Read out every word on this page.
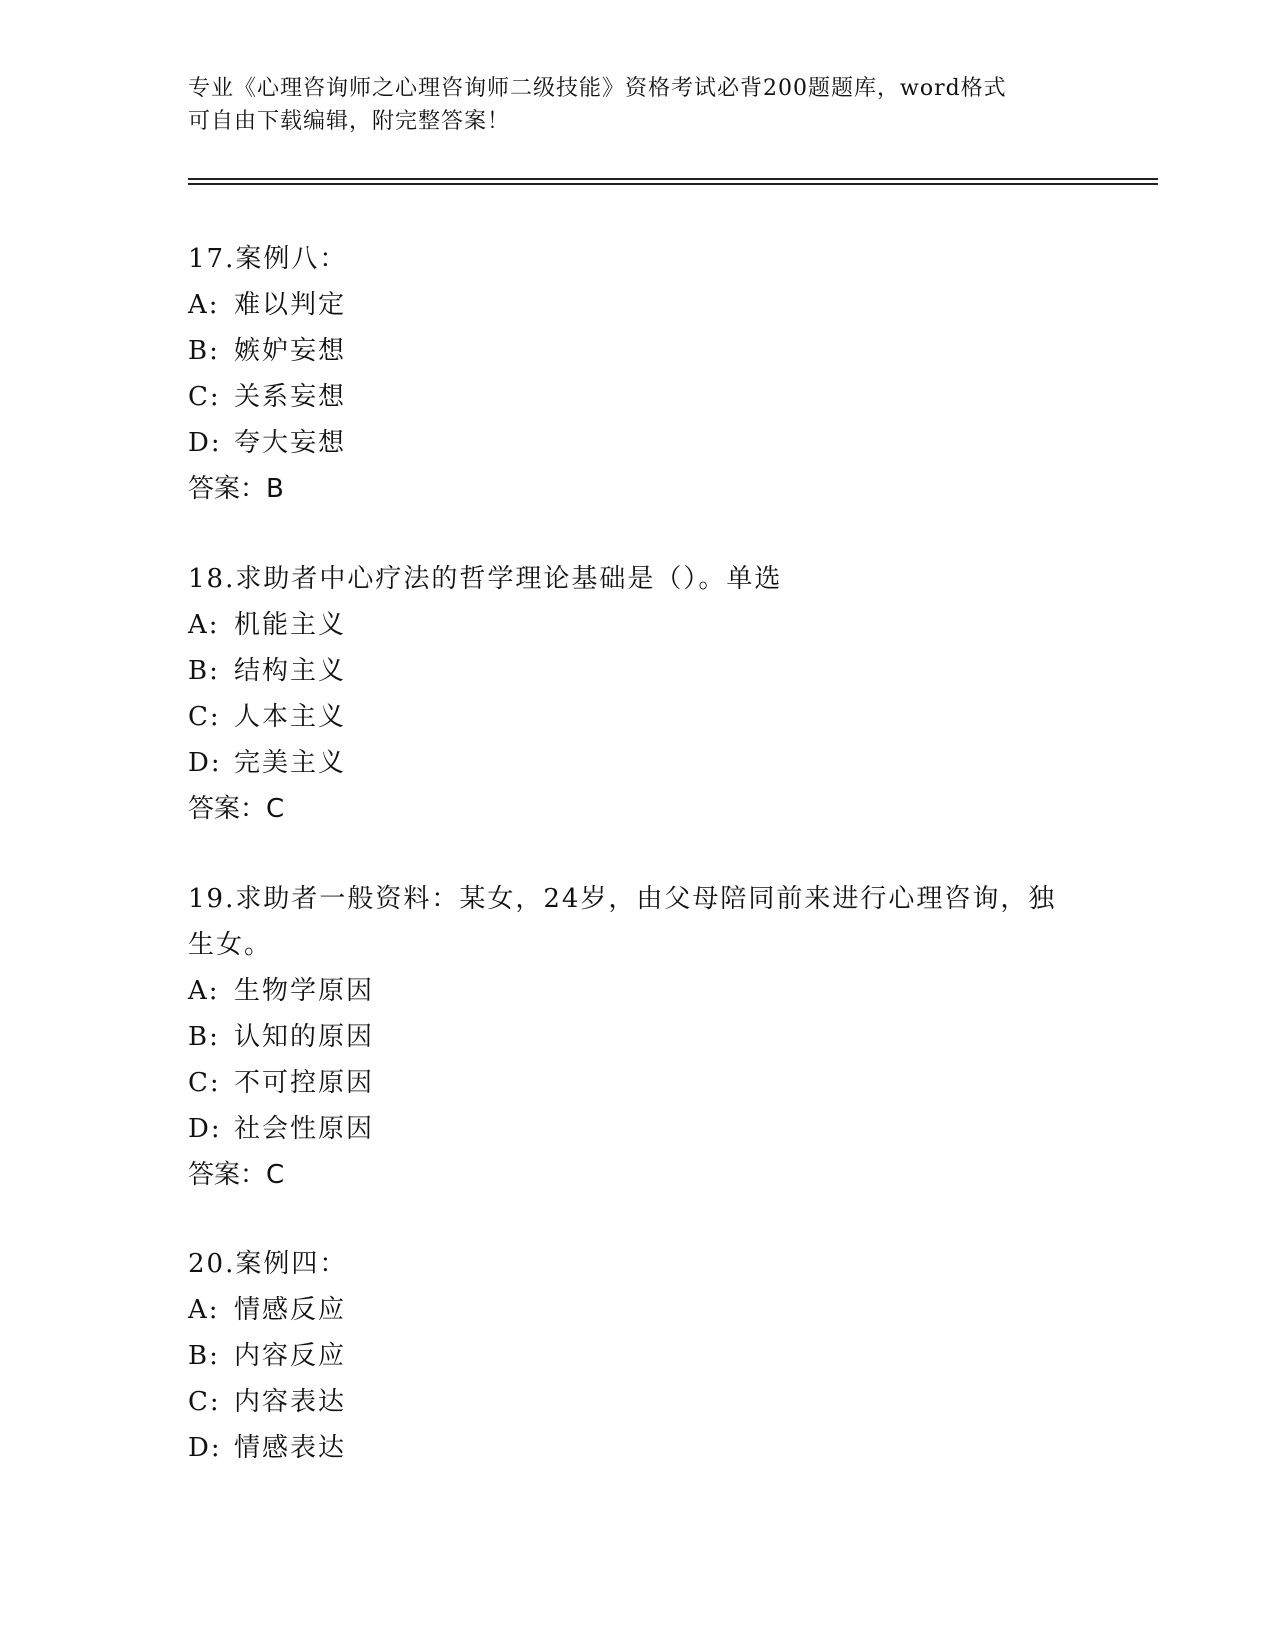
专业《心理咨询师之心理咨询师二级技能》资格考试必背200题题库，word格式
可自由下载编辑，附完整答案！

17.案例八：

A: 难以判定

B: 嫉妒妄想

C: 关系妄想

D: 夸大妄想

答案：B

18.求助者中心疗法的哲学理论基础是（）。单选

A: 机能主义

B: 结构主义

C: 人本主义

D: 完美主义

答案：C

19.求助者一般资料：某女，24岁，由父母陪同前来进行心理咨询，独

生女。

A: 生物学原因

B: 认知的原因

C: 不可控原因

D: 社会性原因

答案：C

20.案例四：

A: 情感反应

B: 内容反应

C: 内容表达

D: 情感表达
